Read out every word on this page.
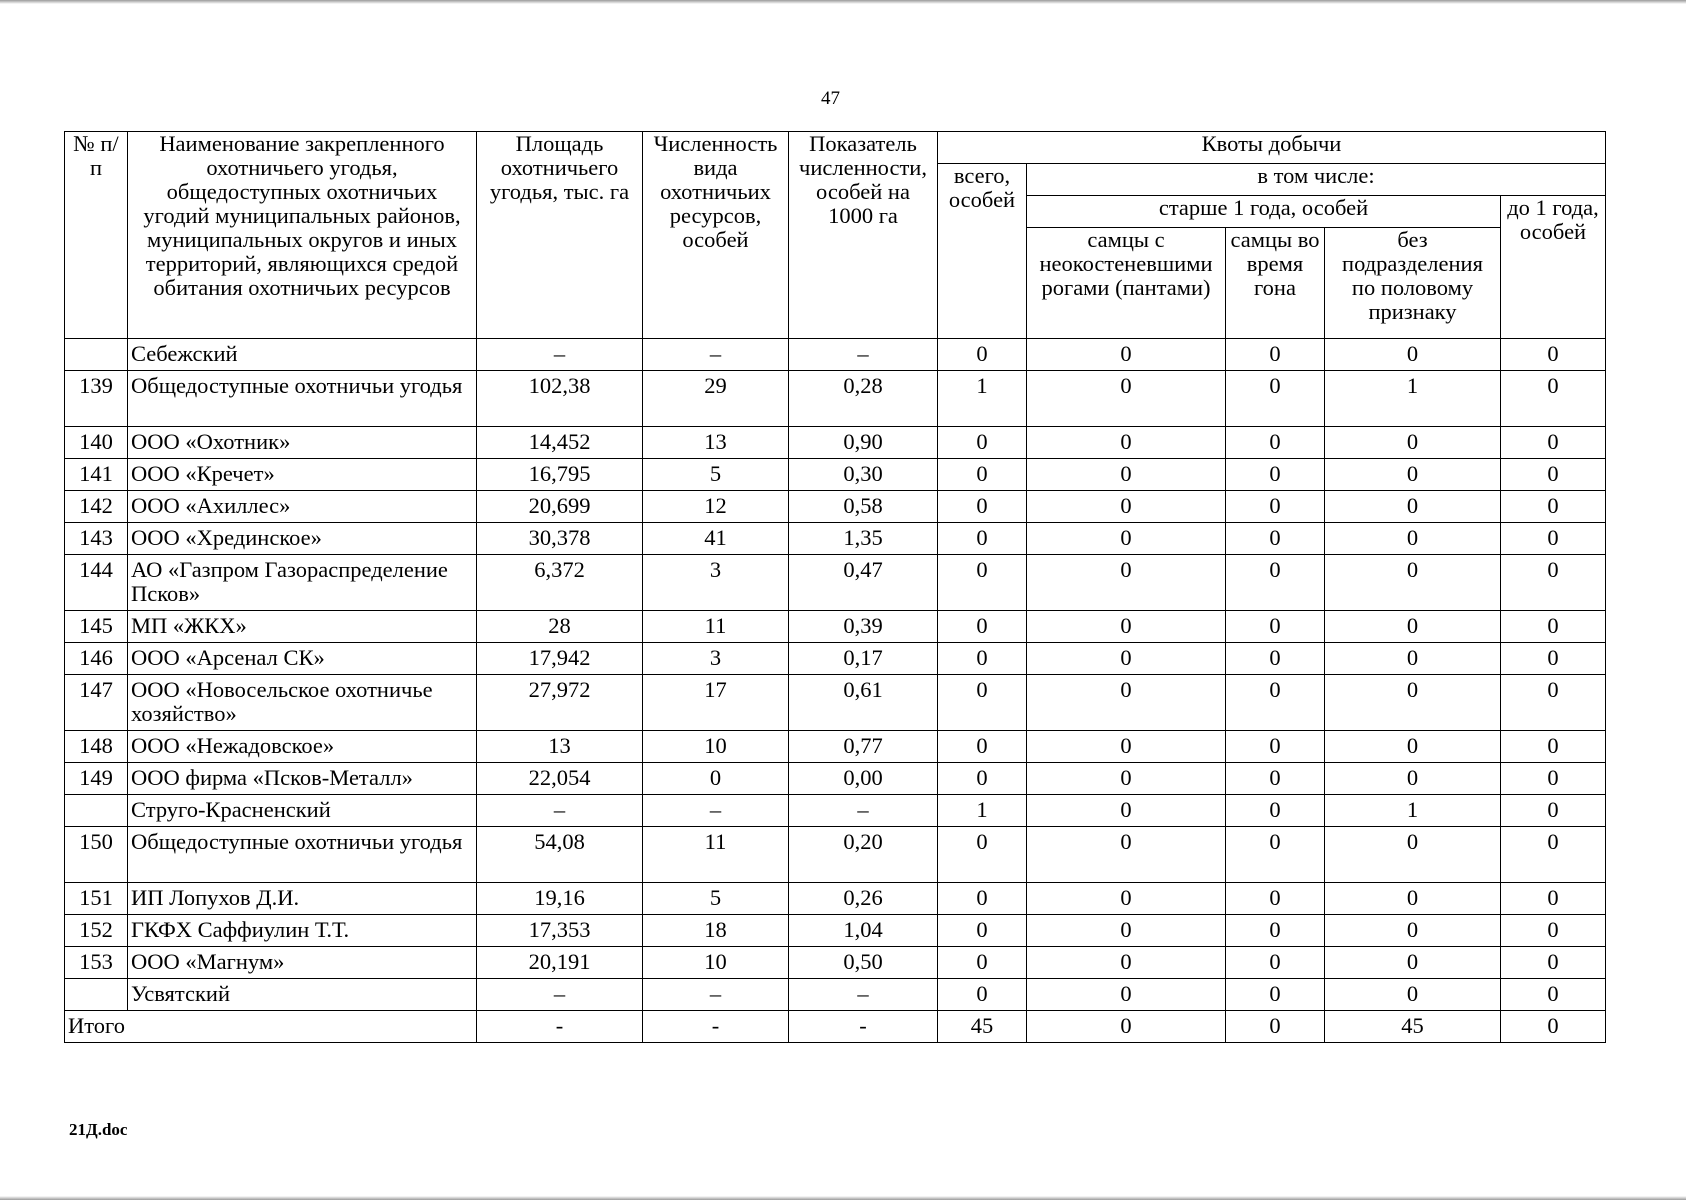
47
№ п/п	Наименование закрепленного охотничьего угодья, общедоступных охотничьих угодий муниципальных районов, муниципальных округов и иных территорий, являющихся средой обитания охотничьих ресурсов	Площадь охотничьего угодья, тыс. га	Численность вида охотничьих ресурсов, особей	Показатель численности, особей на 1000 га	Квоты добычи				
					всего, особей	в том числе:			
						старше 1 года, особей			до 1 года, особей
						самцы с неокостеневшими рогами (пантами)	самцы во время гона	без подразделения по половому признаку	
	Себежский	–	–	–	0	0	0	0	0
139	Общедоступные охотничьи угодья	102,38	29	0,28	1	0	0	1	0
140	ООО «Охотник»	14,452	13	0,90	0	0	0	0	0
141	ООО «Кречет»	16,795	5	0,30	0	0	0	0	0
142	ООО «Ахиллес»	20,699	12	0,58	0	0	0	0	0
143	ООО «Хрединское»	30,378	41	1,35	0	0	0	0	0
144	АО «Газпром Газораспределение Псков»	6,372	3	0,47	0	0	0	0	0
145	МП «ЖКХ»	28	11	0,39	0	0	0	0	0
146	ООО «Арсенал СК»	17,942	3	0,17	0	0	0	0	0
147	ООО «Новосельское охотничье хозяйство»	27,972	17	0,61	0	0	0	0	0
148	ООО «Нежадовское»	13	10	0,77	0	0	0	0	0
149	ООО фирма «Псков-Металл»	22,054	0	0,00	0	0	0	0	0
	Струго-Красненский	–	–	–	1	0	0	1	0
150	Общедоступные охотничьи угодья	54,08	11	0,20	0	0	0	0	0
151	ИП Лопухов Д.И.	19,16	5	0,26	0	0	0	0	0
152	ГКФХ Саффиулин Т.Т.	17,353	18	1,04	0	0	0	0	0
153	ООО «Магнум»	20,191	10	0,50	0	0	0	0	0
	Усвятский	–	–	–	0	0	0	0	0
Итого		-	-	-	45	0	0	45	0
21Д.doc
